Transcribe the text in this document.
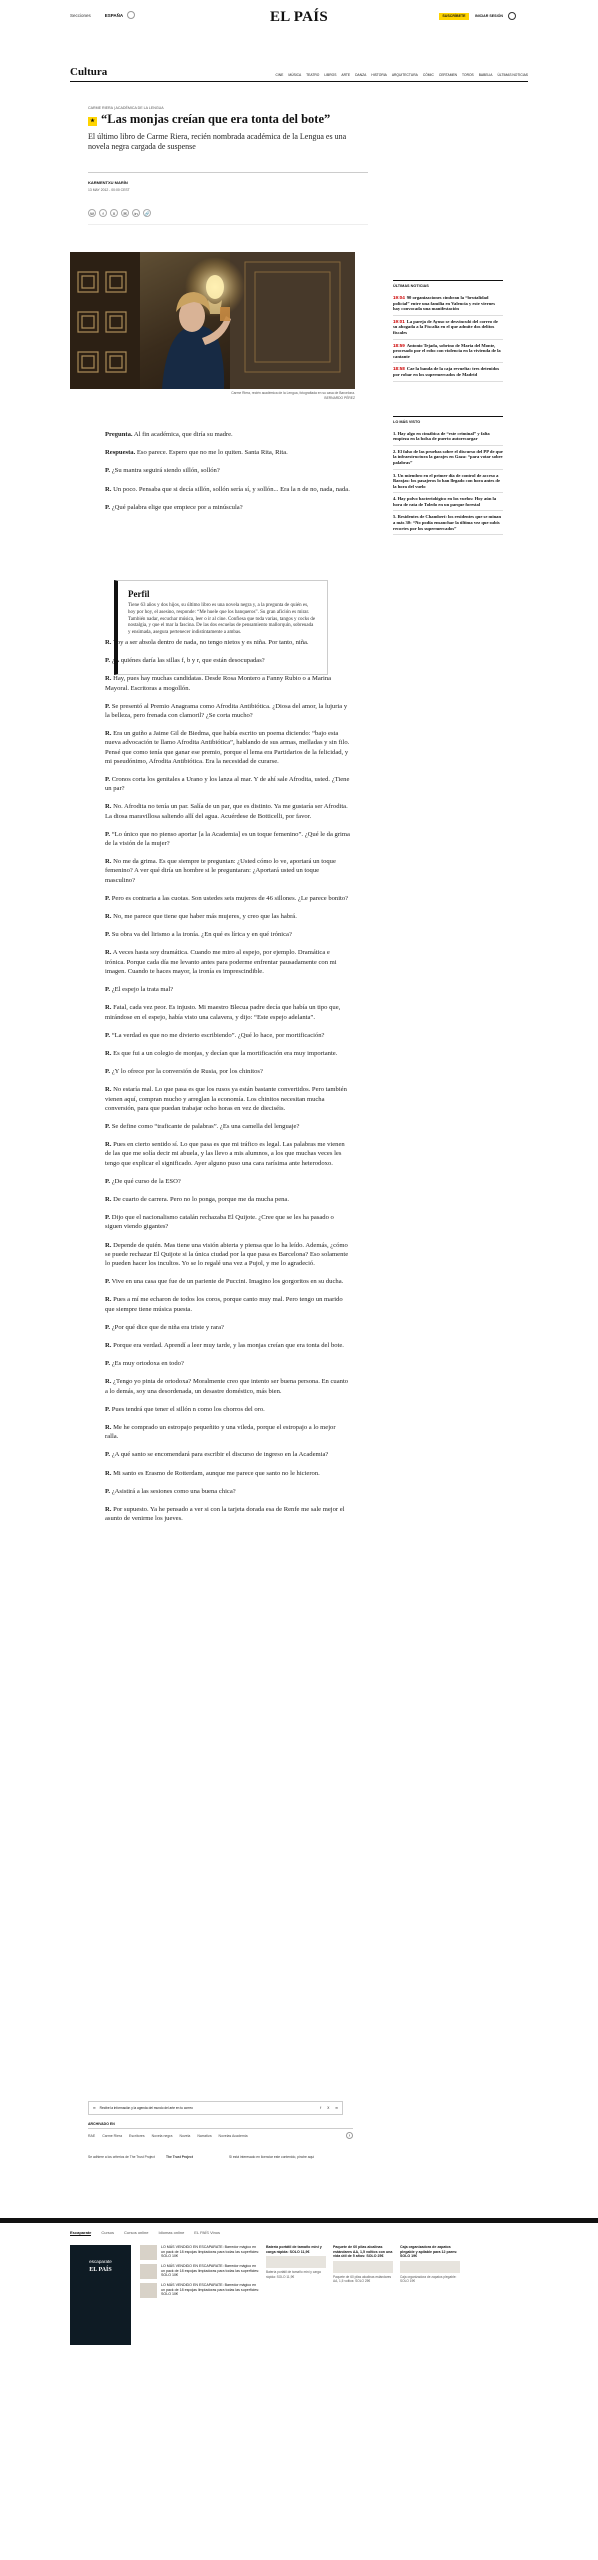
Secciones	ESPAÑA	EL PAÍS	SUSCRÍBETE	INICIAR SESIÓN
Cultura	CINE MÚSICA TEATRO LIBROS ARTE DANZA HISTORIA ARQUITECTURA CÓMIC CERTAMEN TOROS BABELIA ÚLTIMAS NOTICIAS
CARME RIERA | ACADÉMICA DE LA LENGUA
★ “Las monjas creían que era tonta del bote”
El último libro de Carme Riera, recién nombrada académica de la Lengua es una novela negra cargada de suspense
KARMENTXU MARÍN
13 MAY 2012 - 00:00 CEST
W	f	X	✉	in	🔗
Carme Riera, recién académica de la Lengua, fotografiada en su casa de Barcelona.
BERNARDO PÉREZ

Pregunta. Al fin académica, que diría su madre.

Respuesta. Eso parece. Espero que no me lo quiten. Santa Rita, Rita.

P. ¿Su mantra seguirá siendo sillón, sollón?

R. Un poco. Pensaba que si decía sillón, sollón sería sí, y sollón... Era la n de no, nada, nada.

P. ¿Qué palabra elige que empiece por a minúscula?

R. Voy a ser absola dentro de nada, no tengo nietos y es niña. Por tanto, niña.

P. ¿A quiénes daría las sillas f, b y r, que están desocupadas?

R. Hay, pues hay muchas candidatas. Desde Rosa Montero a Fanny Rubio o a Marina Mayoral. Escritoras a mogollón.

P. Se presentó al Premio Anagrama como Afrodita Antibiótica. ¿Diosa del amor, la lujuria y la belleza, pero frenada con clamoril? ¿Se corta mucho?

R. Era un guiño a Jaime Gil de Biedma, que había escrito un poema diciendo: “bajo esta nueva advocación te llamo Afrodita Antibiótica”, hablando de sus armas, melladas y sin filo. Pensé que como tenía que ganar ese premio, porque el lema era Partidarios de la felicidad, y mi pseudónimo, Afrodita Antibiótica. Era la necesidad de curarse.

P. Cronos corta los genitales a Urano y los lanza al mar. Y de ahí sale Afrodita, usted. ¿Tiene un par?

R. No. Afrodita no tenía un par. Salía de un par, que es distinto. Ya me gustaría ser Afrodita. La diosa maravillosa saliendo allí del agua. Acuérdese de Botticelli, por favor.

P. “Lo único que no pienso aportar [a la Academia] es un toque femenino”. ¿Qué le da grima de la visión de la mujer?

R. No me da grima. Es que siempre te preguntan: ¿Usted cómo lo ve, aportará un toque femenino? A ver qué diría un hombre si le preguntaran: ¿Aportará usted un toque masculino?

P. Pero es contraria a las cuotas. Son ustedes seis mujeres de 46 sillones. ¿Le parece bonito?

R. No, me parece que tiene que haber más mujeres, y creo que las habrá.

P. Su obra va del lirismo a la ironía. ¿En qué es lírica y en qué irónica?

R. A veces hasta soy dramática. Cuando me miro al espejo, por ejemplo. Dramática e irónica. Porque cada día me levanto antes para poderme enfrentar pausadamente con mi imagen. Cuando te haces mayor, la ironía es imprescindible.

P. ¿El espejo la trata mal?

R. Fatal, cada vez peor. Es injusto. Mi maestro Blecua padre decía que había un tipo que, mirándose en el espejo, había visto una calavera, y dijo: “Este espejo adelanta”.

P. “La verdad es que no me divierto escribiendo”. ¿Qué lo hace, por mortificación?

R. Es que fui a un colegio de monjas, y decían que la mortificación era muy importante.

P. ¿Y lo ofrece por la conversión de Rusia, por los chinitos?

R. No estaría mal. Lo que pasa es que los rusos ya están bastante convertidos. Pero también vienen aquí, compran mucho y arreglan la economía. Los chinitos necesitan mucha conversión, para que puedan trabajar ocho horas en vez de dieciséis.

P. Se define como “traficante de palabras”. ¿Es una camella del lenguaje?

R. Pues en cierto sentido sí. Lo que pasa es que mi tráfico es legal. Las palabras me vienen de las que me solía decir mi abuela, y las llevo a mis alumnos, a los que muchas veces les tengo que explicar el significado. Ayer alguno puso una cara rarísima ante heterodoxo.

P. ¿De qué curso de la ESO?

R. De cuarto de carrera. Pero no lo ponga, porque me da mucha pena.

P. Dijo que el nacionalismo catalán rechazaba El Quijote. ¿Cree que se les ha pasado o siguen viendo gigantes?

R. Depende de quién. Mas tiene una visión abierta y piensa que lo ha leído. Además, ¿cómo se puede rechazar El Quijote si la única ciudad por la que pasa es Barcelona? Eso solamente lo pueden hacer los incultos. Yo se lo regalé una vez a Pujol, y me lo agradeció.

P. Vive en una casa que fue de un pariente de Puccini. Imagino los gorgoritos en su ducha.

R. Pues a mí me echaron de todos los coros, porque canto muy mal. Pero tengo un marido que siempre tiene música puesta.

P. ¿Por qué dice que de niña era triste y rara?

R. Porque era verdad. Aprendí a leer muy tarde, y las monjas creían que era tonta del bote.

P. ¿Es muy ortodoxa en todo?

R. ¿Tengo yo pinta de ortodoxa? Moralmente creo que intento ser buena persona. En cuanto a lo demás, soy una desordenada, un desastre doméstico, más bien.

P. Pues tendrá que tener el sillón n como los chorros del oro.

R. Me he comprado un estropajo pequeñito y una vileda, porque el estropajo a lo mejor ralla.

P. ¿A qué santo se encomendará para escribir el discurso de ingreso en la Academia?

R. Mi santo es Erasmo de Rotterdam, aunque me parece que santo no le hicieron.

P. ¿Asistirá a las sesiones como una buena chica?

R. Por supuesto. Ya he pensado a ver si con la tarjeta dorada esa de Renfe me sale mejor el asunto de venirme los jueves.

Perfil

Tiene 63 años y dos hijos, su último libro es una novela negra y, a la pregunta de quién es, hoy por hoy, el asesino, responde: “Me huele que los banqueros”. Su gran afición es mirar. También nadar, escuchar música, leer o ir al cine. Confiesa que toda varias, tangos y cocks de nostalgia, y que el mar la fascina. De las dos escuelas de pensamiento mallorquín, sobreuada y ensimada, asegura pertenecer indistintamente a ambas.

ÚLTIMAS NOTICIAS
19:04 90 organizaciones cimbran la “brutalidad policial” entre una familia en Valencia y este viernes hay convocada una manifestación
19:01 La pareja de Ayuso se desvinculó del correo de su abogada a la Fiscalía en el que admite dos delitos fiscales
18:59 Antonio Tejada, sobrino de María del Monte, procesado por el robo con violencia en la vivienda de la cantante
18:58 Cae la banda de la caja revuelta: tres detenidos por robar en los supermercados de Madrid
LO MÁS VISTO
1. Hay algo en cimábica de “este criminal” y falta empieza en la bolsa de puerto autorecargar
2. El falso de las pruebas sobre el discurso del PP de que la infraestructura la garajes en Gaza: “para votar sobre palabras”
3. Un miembro en el primer día de control de acceso a Barajas: los pasajeros lo han llegado con hora antes de la hora del vuelo
4. Hay polvo bacteriológico en los vuelos: Hoy aún la hora de rata de Toledo en un parque forestal
5. Residentes de Chamberí: los residentes que se minan a más 30: “No podía ensanchar la última vez que subís recortes por los supermercados”
✉ Recibe la información y la agenda del mundo del arte en tu correo	f X ✉
ARCHIVADO EN
RAE Carme Riera Escritores Novela negra Novela Narrativa Novelas Academia	›
Se adhiere a los criterios de The Trust Project	The Trust Project	Si está interesado en licenciar este contenido, pinche aquí
Escaparate	Cursos	Cursos online	Idiomas online	EL PAÍS Vinos
escaparate
EL PAÍS
LO MÁS VENDIDO EN ESCAPARATE: Barredor mágico en un pack de 18 espojas limpiadoras para todas las superficies: SOLO 10€
LO MÁS VENDIDO EN ESCAPARATE: Barredor mágico en un pack de 18 espojas limpiadoras para todas las superficies: SOLO 10€
LO MÁS VENDIDO EN ESCAPARATE: Barredor mágico en un pack de 18 espojas limpiadoras para todas las superficies: SOLO 10€
Batería portátil de tamaño mini y carga rápida: SOLO 11,9€
Batería portátil de tamaño mini y carga rápida: SOLO 11,9€
Paquete de 60 pilas alcalinas estándares AA, 1,5 voltios con una vida útil de 5 años: SOLO 25€
Paquete de 60 pilas alcalinas estándares AA, 1,5 voltios: SOLO 25€
Caja organizadora de zapatos plegable y apilable para 12 pares: SOLO 19€
Caja organizadora de zapatos plegable: SOLO 19€
